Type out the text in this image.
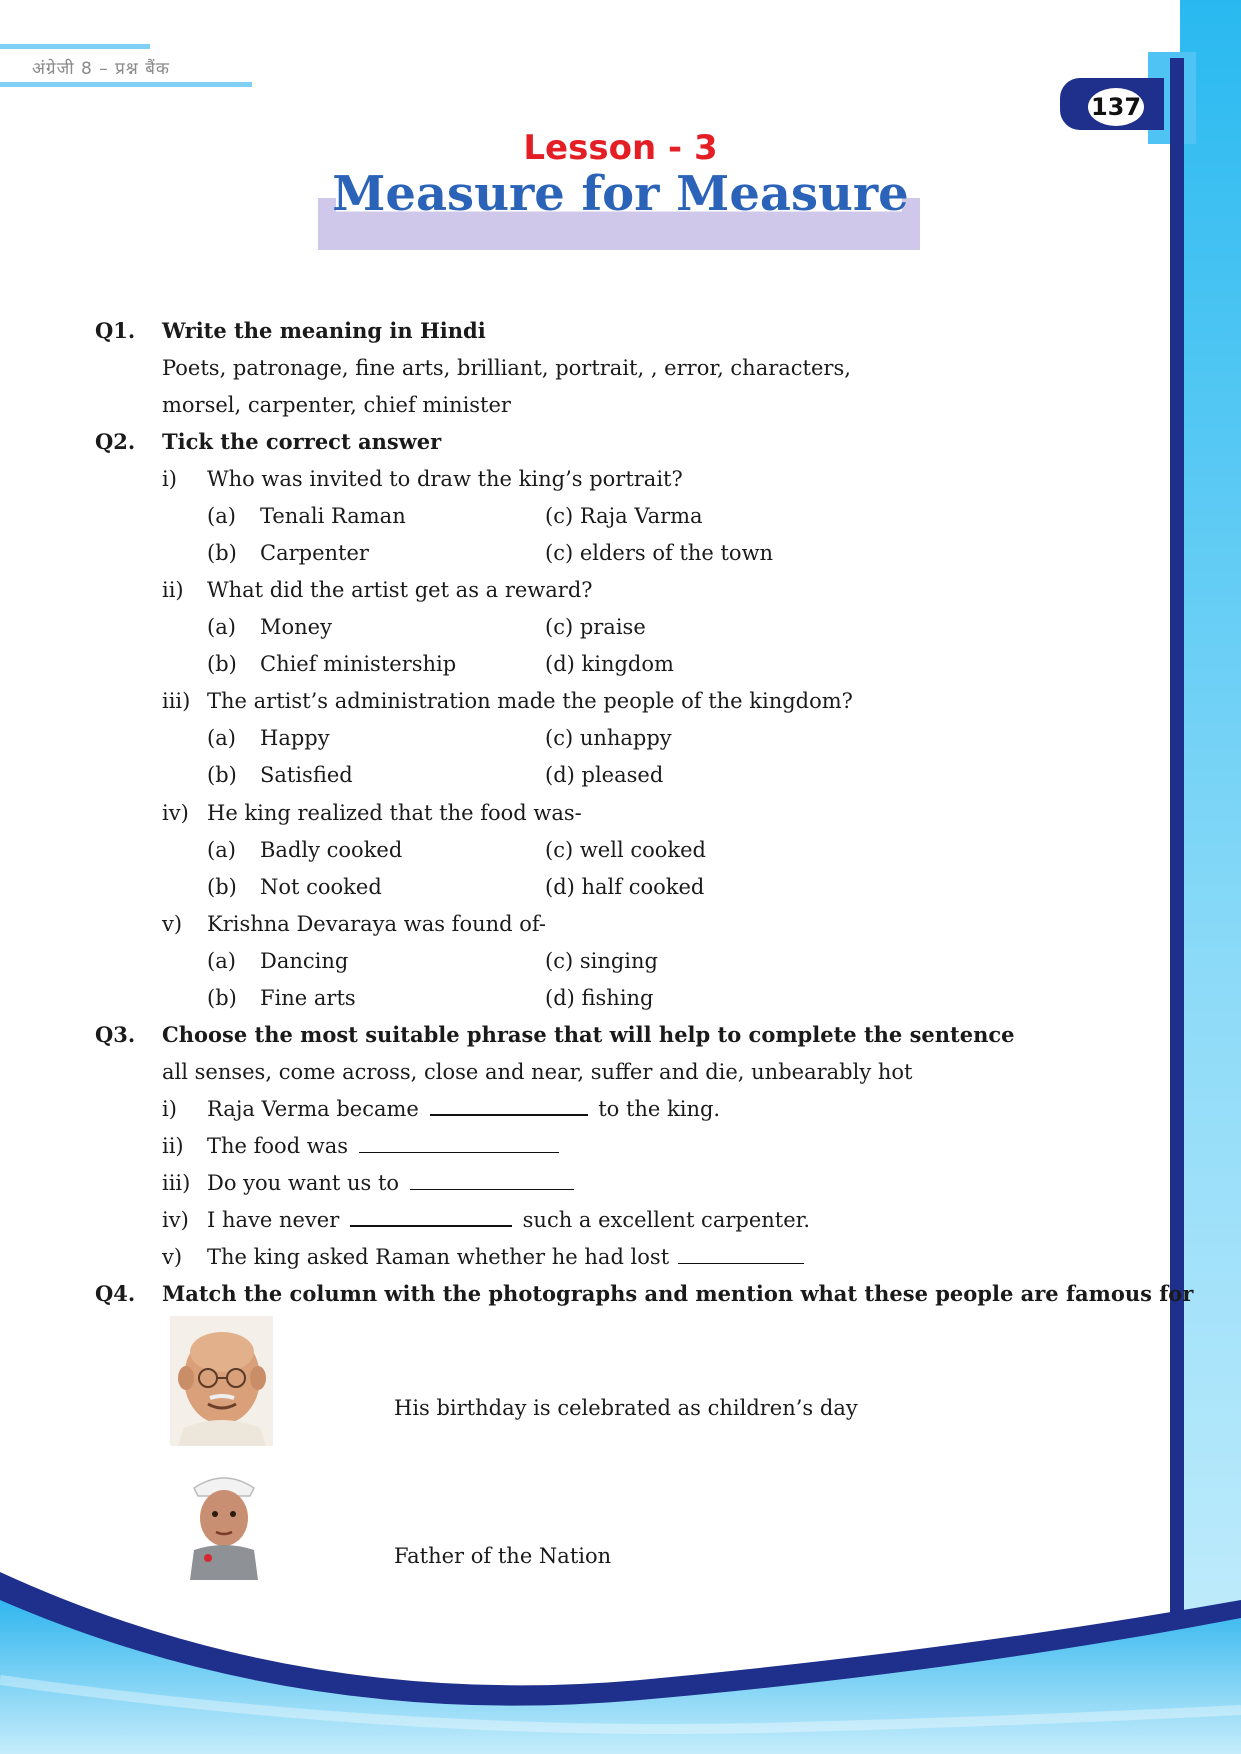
अंग्रेजी 8 – प्रश्न बैंक
137
Lesson - 3
Measure for Measure
Q1. Write the meaning in Hindi
Poets, patronage, fine arts, brilliant, portrait, , error, characters,
morsel, carpenter, chief minister
Q2. Tick the correct answer
i) Who was invited to draw the king’s portrait?
(a) Tenali Raman	(c) Raja Varma
(b) Carpenter	(c) elders of the town
ii) What did the artist get as a reward?
(a) Money	(c) praise
(b) Chief ministership	(d) kingdom
iii) The artist’s administration made the people of the kingdom?
(a) Happy	(c) unhappy
(b) Satisfied	(d) pleased
iv) He king realized that the food was-
(a) Badly cooked	(c) well cooked
(b) Not cooked	(d) half cooked
v) Krishna Devaraya was found of-
(a) Dancing	(c) singing
(b) Fine arts	(d) fishing
Q3. Choose the most suitable phrase that will help to complete the sentence
all senses, come across, close and near, suffer and die, unbearably hot
i) Raja Verma became	to the king.
ii) The food was
iii) Do you want us to
iv) I have never	such a excellent carpenter.
v) The king asked Raman whether he had lost
Q4. Match the column with the photographs and mention what these people are famous for
His birthday is celebrated as children’s day
Father of the Nation
